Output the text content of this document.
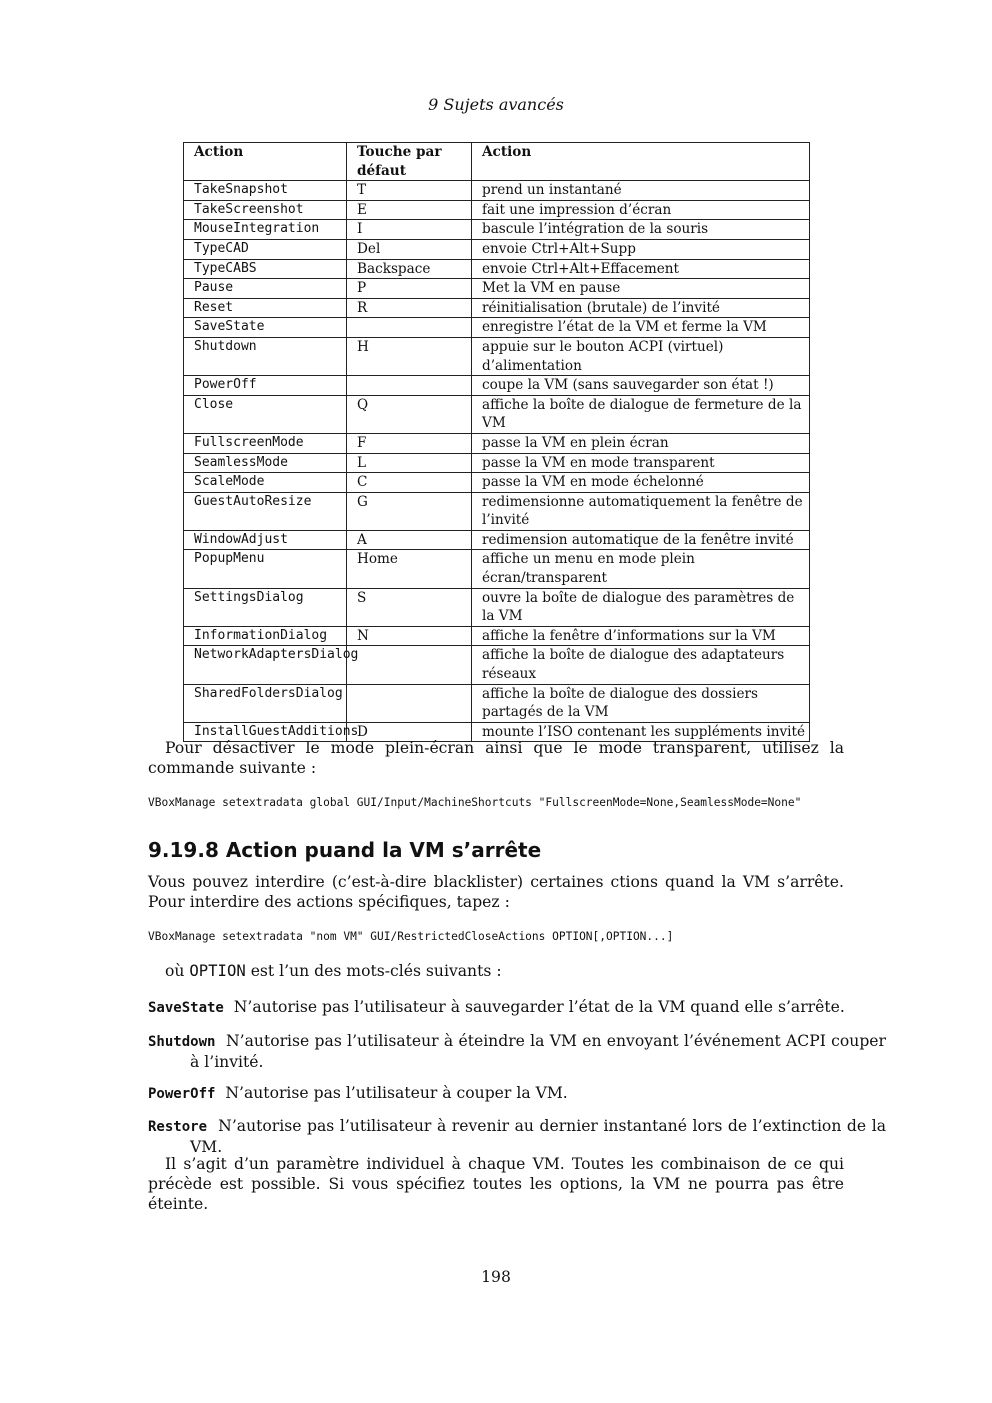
9 Sujets avancés
Action	Touche par défaut	Action
TakeSnapshot	T	prend un instantané
TakeScreenshot	E	fait une impression d’écran
MouseIntegration	I	bascule l’intégration de la souris
TypeCAD	Del	envoie Ctrl+Alt+Supp
TypeCABS	Backspace	envoie Ctrl+Alt+Effacement
Pause	P	Met la VM en pause
Reset	R	réinitialisation (brutale) de l’invité
SaveState		enregistre l’état de la VM et ferme la VM
Shutdown	H	appuie sur le bouton ACPI (virtuel) d’alimentation
PowerOff		coupe la VM (sans sauvegarder son état !)
Close	Q	affiche la boîte de dialogue de fermeture de la VM
FullscreenMode	F	passe la VM en plein écran
SeamlessMode	L	passe la VM en mode transparent
ScaleMode	C	passe la VM en mode échelonné
GuestAutoResize	G	redimensionne automatiquement la fenêtre de l’invité
WindowAdjust	A	redimension automatique de la fenêtre invité
PopupMenu	Home	affiche un menu en mode plein écran/transparent
SettingsDialog	S	ouvre la boîte de dialogue des paramètres de la VM
InformationDialog	N	affiche la fenêtre d’informations sur la VM
NetworkAdaptersDialog		affiche la boîte de dialogue des adaptateurs réseaux
SharedFoldersDialog		affiche la boîte de dialogue des dossiers partagés de la VM
InstallGuestAdditions	D	mounte l’ISO contenant les suppléments invité
Pour désactiver le mode plein-écran ainsi que le mode transparent, utilisez la commande suivante :
VBoxManage setextradata global GUI/Input/MachineShortcuts "FullscreenMode=None,SeamlessMode=None"
9.19.8 Action puand la VM s’arrête
Vous pouvez interdire (c’est-à-dire blacklister) certaines ctions quand la VM s’arrête. Pour interdire des actions spécifiques, tapez :
VBoxManage setextradata "nom VM" GUI/RestrictedCloseActions OPTION[,OPTION...]
où OPTION est l’un des mots-clés suivants :
SaveState N’autorise pas l’utilisateur à sauvegarder l’état de la VM quand elle s’arrête.
Shutdown N’autorise pas l’utilisateur à éteindre la VM en envoyant l’événement ACPI couper à l’invité.
PowerOff N’autorise pas l’utilisateur à couper la VM.
Restore N’autorise pas l’utilisateur à revenir au dernier instantané lors de l’extinction de la VM.
Il s’agit d’un paramètre individuel à chaque VM. Toutes les combinaison de ce qui précède est possible. Si vous spécifiez toutes les options, la VM ne pourra pas être éteinte.
198
